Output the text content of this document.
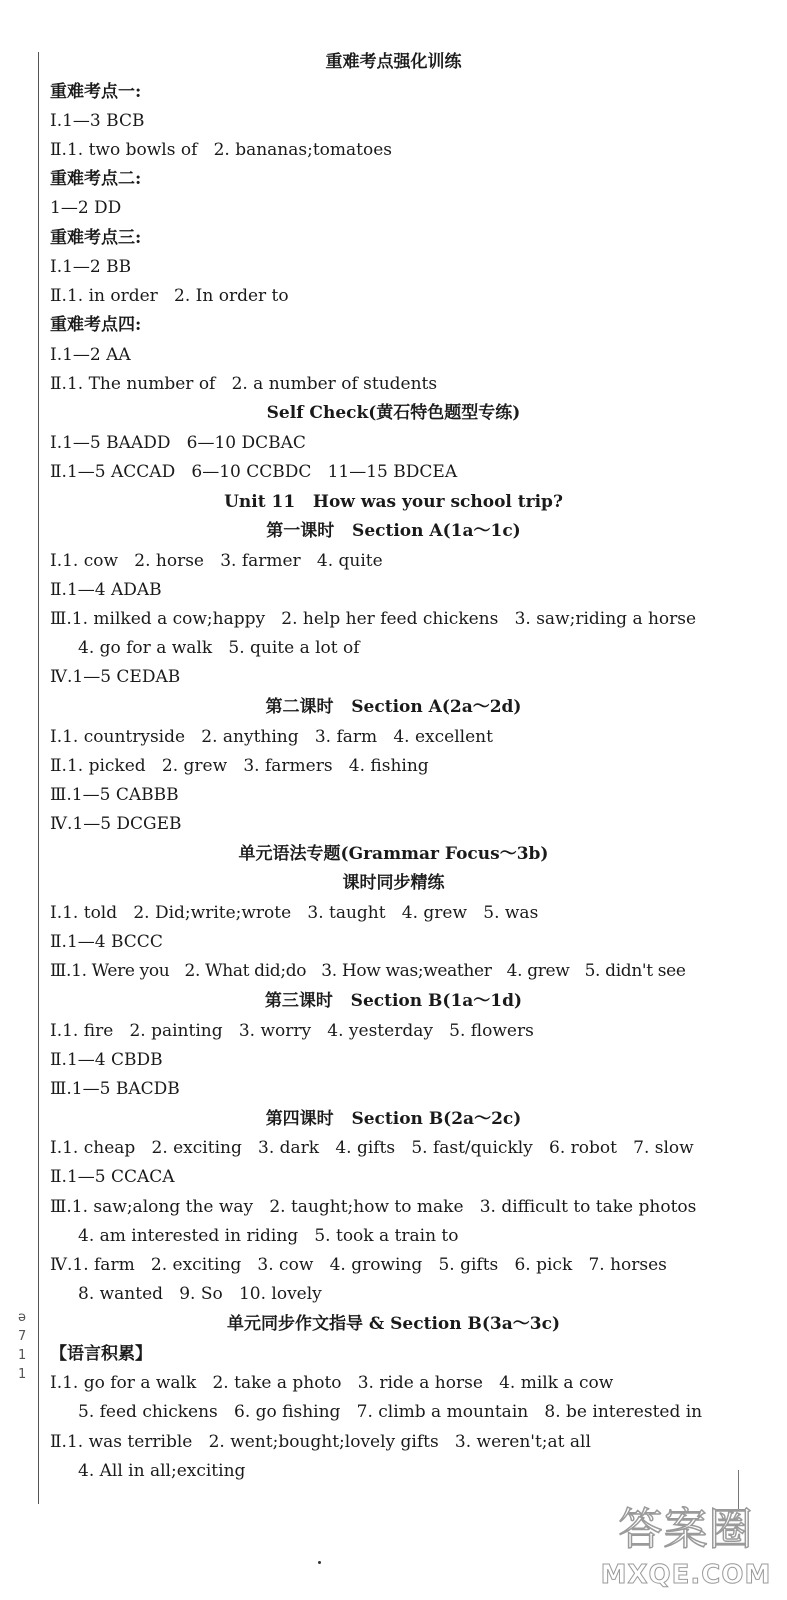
ə
7
1
1
重难考点强化训练
重难考点一:
Ⅰ.1—3 BCB
Ⅱ.1. two bowls of   2. bananas;tomatoes
重难考点二:
1—2 DD
重难考点三:
Ⅰ.1—2 BB
Ⅱ.1. in order   2. In order to
重难考点四:
Ⅰ.1—2 AA
Ⅱ.1. The number of   2. a number of students
Self Check(黄石特色题型专练)
Ⅰ.1—5 BAADD   6—10 DCBAC
Ⅱ.1—5 ACCAD   6—10 CCBDC   11—15 BDCEA
Unit 11   How was your school trip?
第一课时   Section A(1a～1c)
Ⅰ.1. cow   2. horse   3. farmer   4. quite
Ⅱ.1—4 ADAB
Ⅲ.1. milked a cow;happy   2. help her feed chickens   3. saw;riding a horse
4. go for a walk   5. quite a lot of
Ⅳ.1—5 CEDAB
第二课时   Section A(2a～2d)
Ⅰ.1. countryside   2. anything   3. farm   4. excellent
Ⅱ.1. picked   2. grew   3. farmers   4. fishing
Ⅲ.1—5 CABBB
Ⅳ.1—5 DCGEB
单元语法专题(Grammar Focus～3b)
课时同步精练
Ⅰ.1. told   2. Did;write;wrote   3. taught   4. grew   5. was
Ⅱ.1—4 BCCC
Ⅲ.1. Were you   2. What did;do   3. How was;weather   4. grew   5. didn't see
第三课时   Section B(1a～1d)
Ⅰ.1. fire   2. painting   3. worry   4. yesterday   5. flowers
Ⅱ.1—4 CBDB
Ⅲ.1—5 BACDB
第四课时   Section B(2a～2c)
Ⅰ.1. cheap   2. exciting   3. dark   4. gifts   5. fast/quickly   6. robot   7. slow
Ⅱ.1—5 CCACA
Ⅲ.1. saw;along the way   2. taught;how to make   3. difficult to take photos
4. am interested in riding   5. took a train to
Ⅳ.1. farm   2. exciting   3. cow   4. growing   5. gifts   6. pick   7. horses
8. wanted   9. So   10. lovely
单元同步作文指导 & Section B(3a～3c)
【语言积累】
Ⅰ.1. go for a walk   2. take a photo   3. ride a horse   4. milk a cow
5. feed chickens   6. go fishing   7. climb a mountain   8. be interested in
Ⅱ.1. was terrible   2. went;bought;lovely gifts   3. weren't;at all
4. All in all;exciting
答案圈
MXQE.COM
